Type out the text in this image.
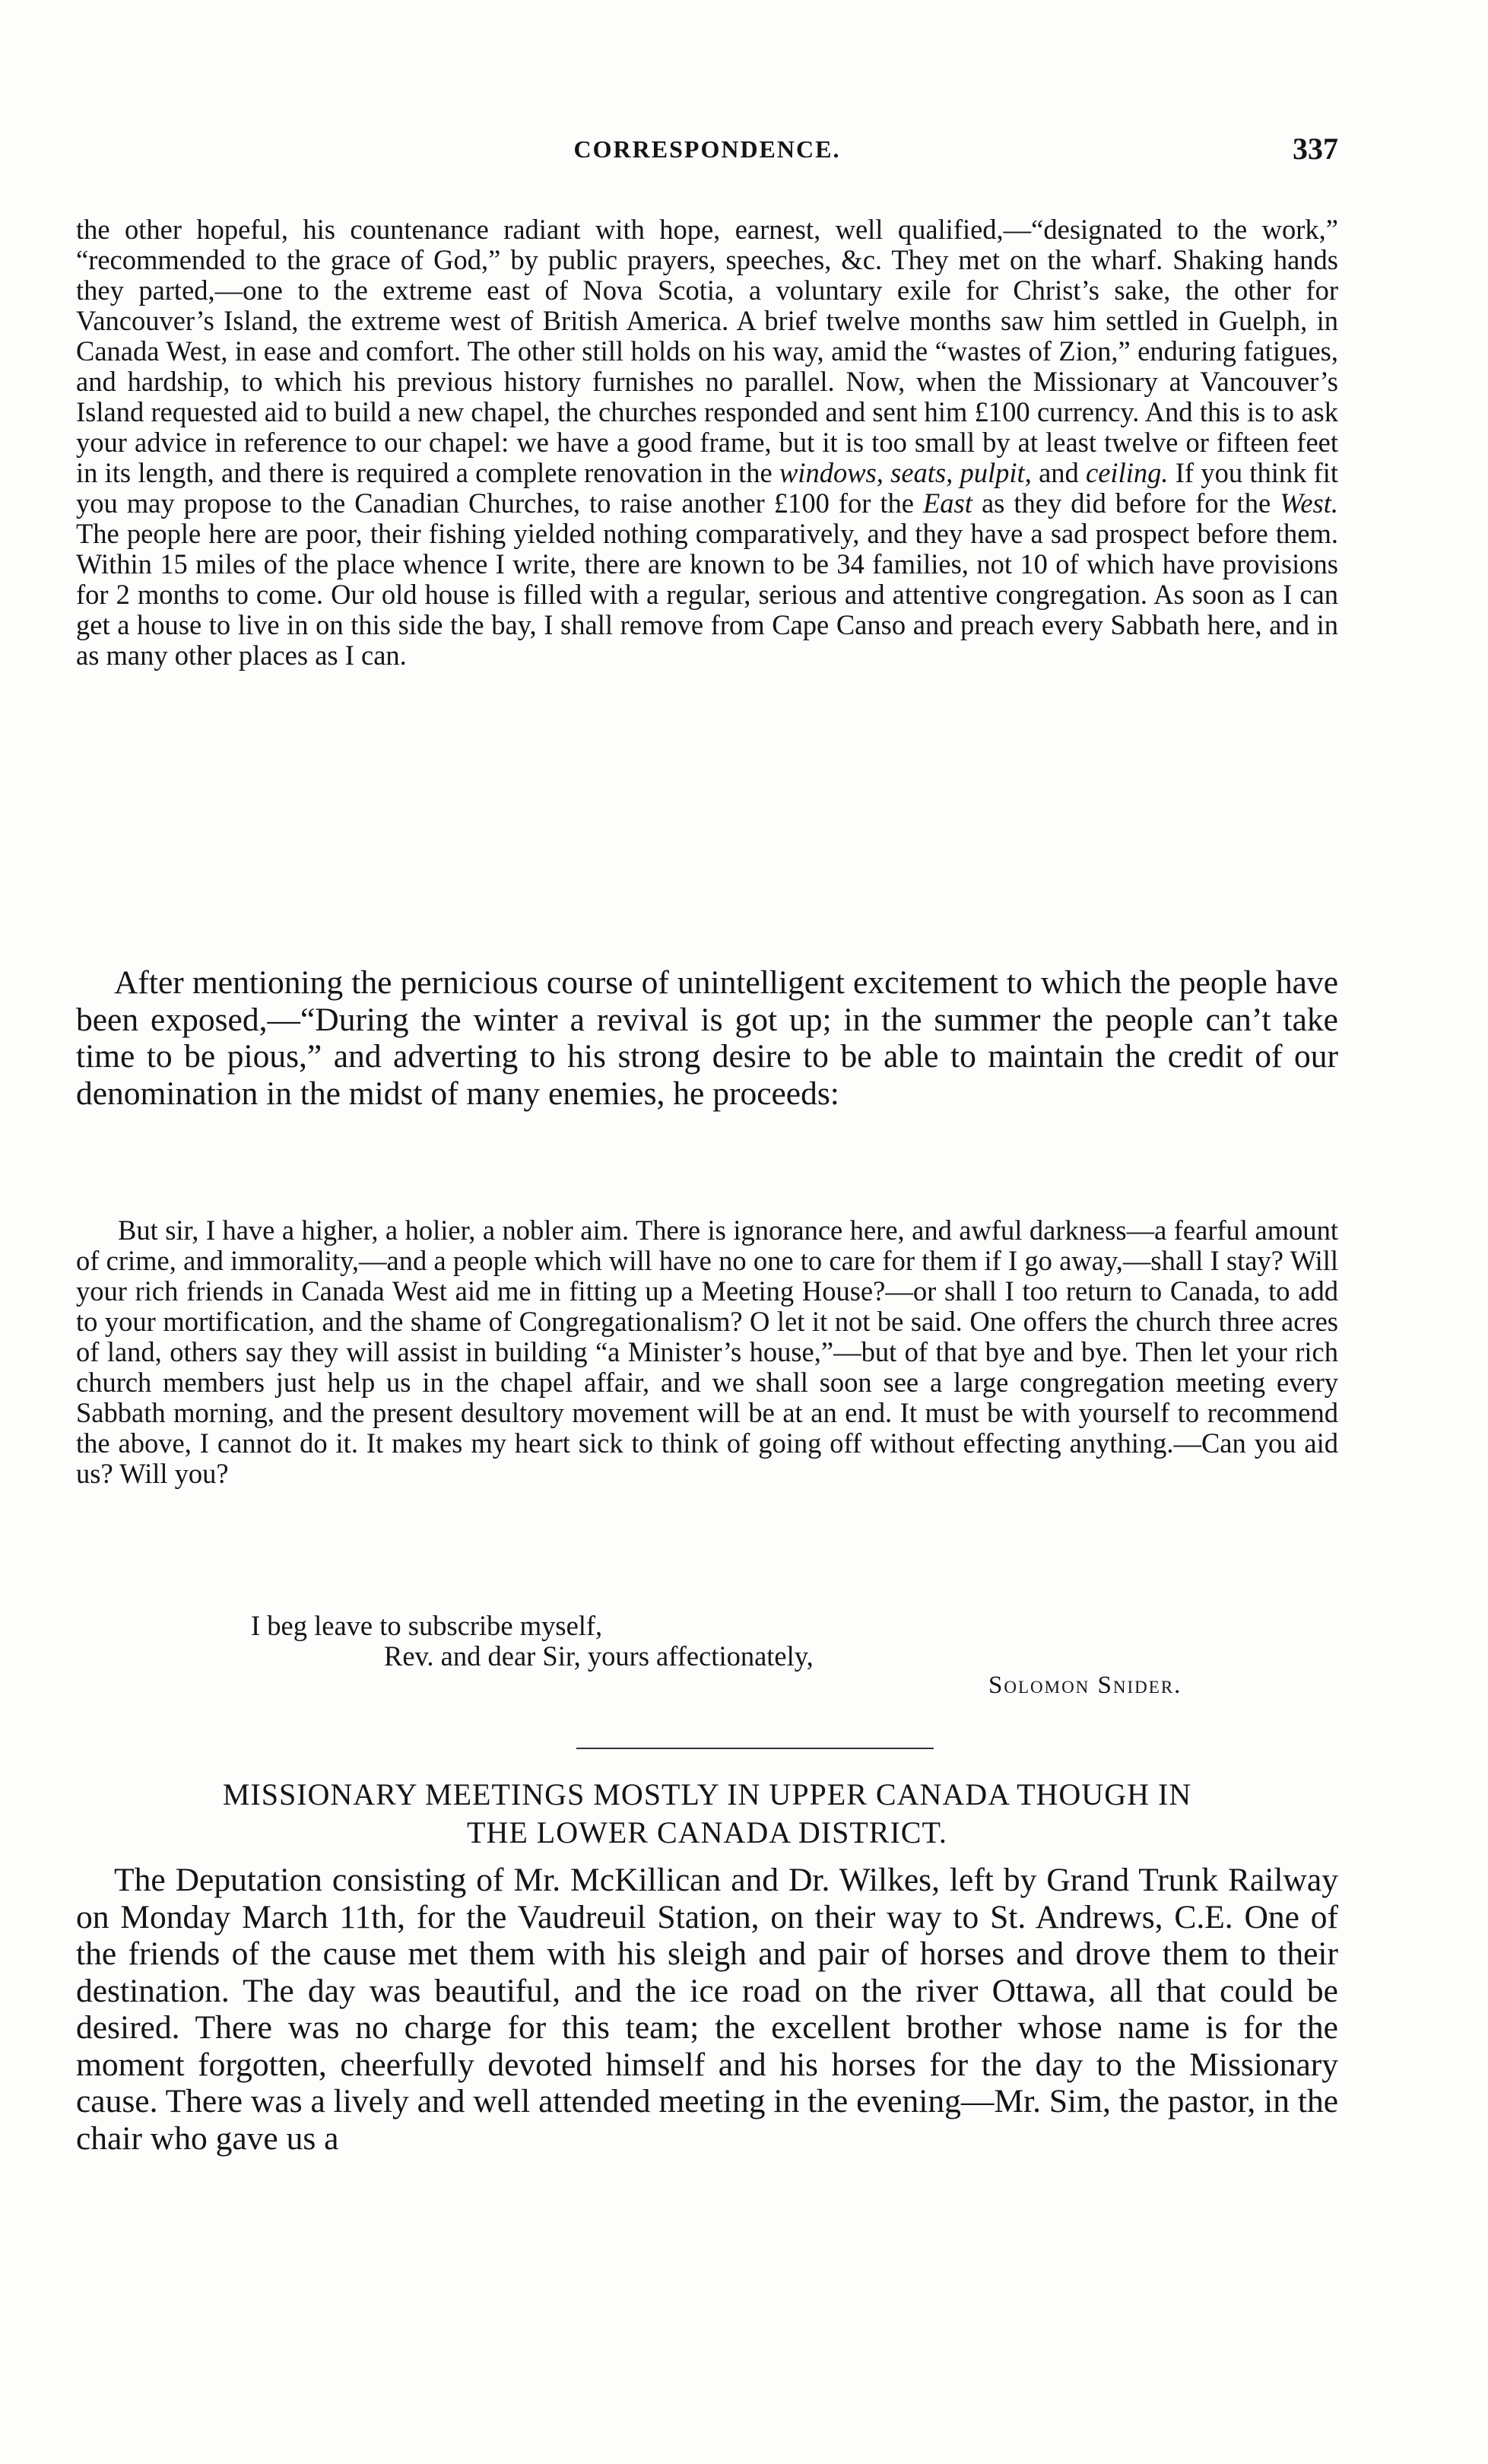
CORRESPONDENCE.	337

the other hopeful, his countenance radiant with hope, earnest, well qualified,—“designated to the work,” “recommended to the grace of God,” by public prayers, speeches, &c. They met on the wharf. Shaking hands they parted,—one to the extreme east of Nova Scotia, a voluntary exile for Christ’s sake, the other for Vancouver’s Island, the extreme west of British America. A brief twelve months saw him settled in Guelph, in Canada West, in ease and comfort. The other still holds on his way, amid the “wastes of Zion,” enduring fatigues, and hardship, to which his previous history furnishes no parallel. Now, when the Missionary at Vancouver’s Island requested aid to build a new chapel, the churches responded and sent him £100 currency. And this is to ask your advice in reference to our chapel: we have a good frame, but it is too small by at least twelve or fifteen feet in its length, and there is required a complete renovation in the windows, seats, pulpit, and ceiling. If you think fit you may propose to the Canadian Churches, to raise another £100 for the East as they did before for the West. The people here are poor, their fishing yielded nothing comparatively, and they have a sad prospect before them. Within 15 miles of the place whence I write, there are known to be 34 families, not 10 of which have provisions for 2 months to come. Our old house is filled with a regular, serious and attentive congregation. As soon as I can get a house to live in on this side the bay, I shall remove from Cape Canso and preach every Sabbath here, and in as many other places as I can.

After mentioning the pernicious course of unintelligent excitement to which the people have been exposed,—“During the winter a revival is got up; in the summer the people can’t take time to be pious,” and adverting to his strong desire to be able to maintain the credit of our denomination in the midst of many enemies, he proceeds:

But sir, I have a higher, a holier, a nobler aim. There is ignorance here, and awful darkness—a fearful amount of crime, and immorality,—and a people which will have no one to care for them if I go away,—shall I stay? Will your rich friends in Canada West aid me in fitting up a Meeting House?—or shall I too return to Canada, to add to your mortification, and the shame of Congregationalism? O let it not be said. One offers the church three acres of land, others say they will assist in building “a Minister’s house,”—but of that bye and bye. Then let your rich church members just help us in the chapel affair, and we shall soon see a large congregation meeting every Sabbath morning, and the present desultory movement will be at an end. It must be with yourself to recommend the above, I cannot do it. It makes my heart sick to think of going off without effecting anything.—Can you aid us? Will you?

I beg leave to subscribe myself,
Rev. and dear Sir, yours affectionately,
Solomon Snider.
MISSIONARY MEETINGS MOSTLY IN UPPER CANADA THOUGH IN
THE LOWER CANADA DISTRICT.

The Deputation consisting of Mr. McKillican and Dr. Wilkes, left by Grand Trunk Railway on Monday March 11th, for the Vaudreuil Station, on their way to St. Andrews, C.E. One of the friends of the cause met them with his sleigh and pair of horses and drove them to their destination. The day was beautiful, and the ice road on the river Ottawa, all that could be desired. There was no charge for this team; the excellent brother whose name is for the moment forgotten, cheerfully devoted himself and his horses for the day to the Missionary cause. There was a lively and well attended meeting in the evening—Mr. Sim, the pastor, in the chair who gave us a
